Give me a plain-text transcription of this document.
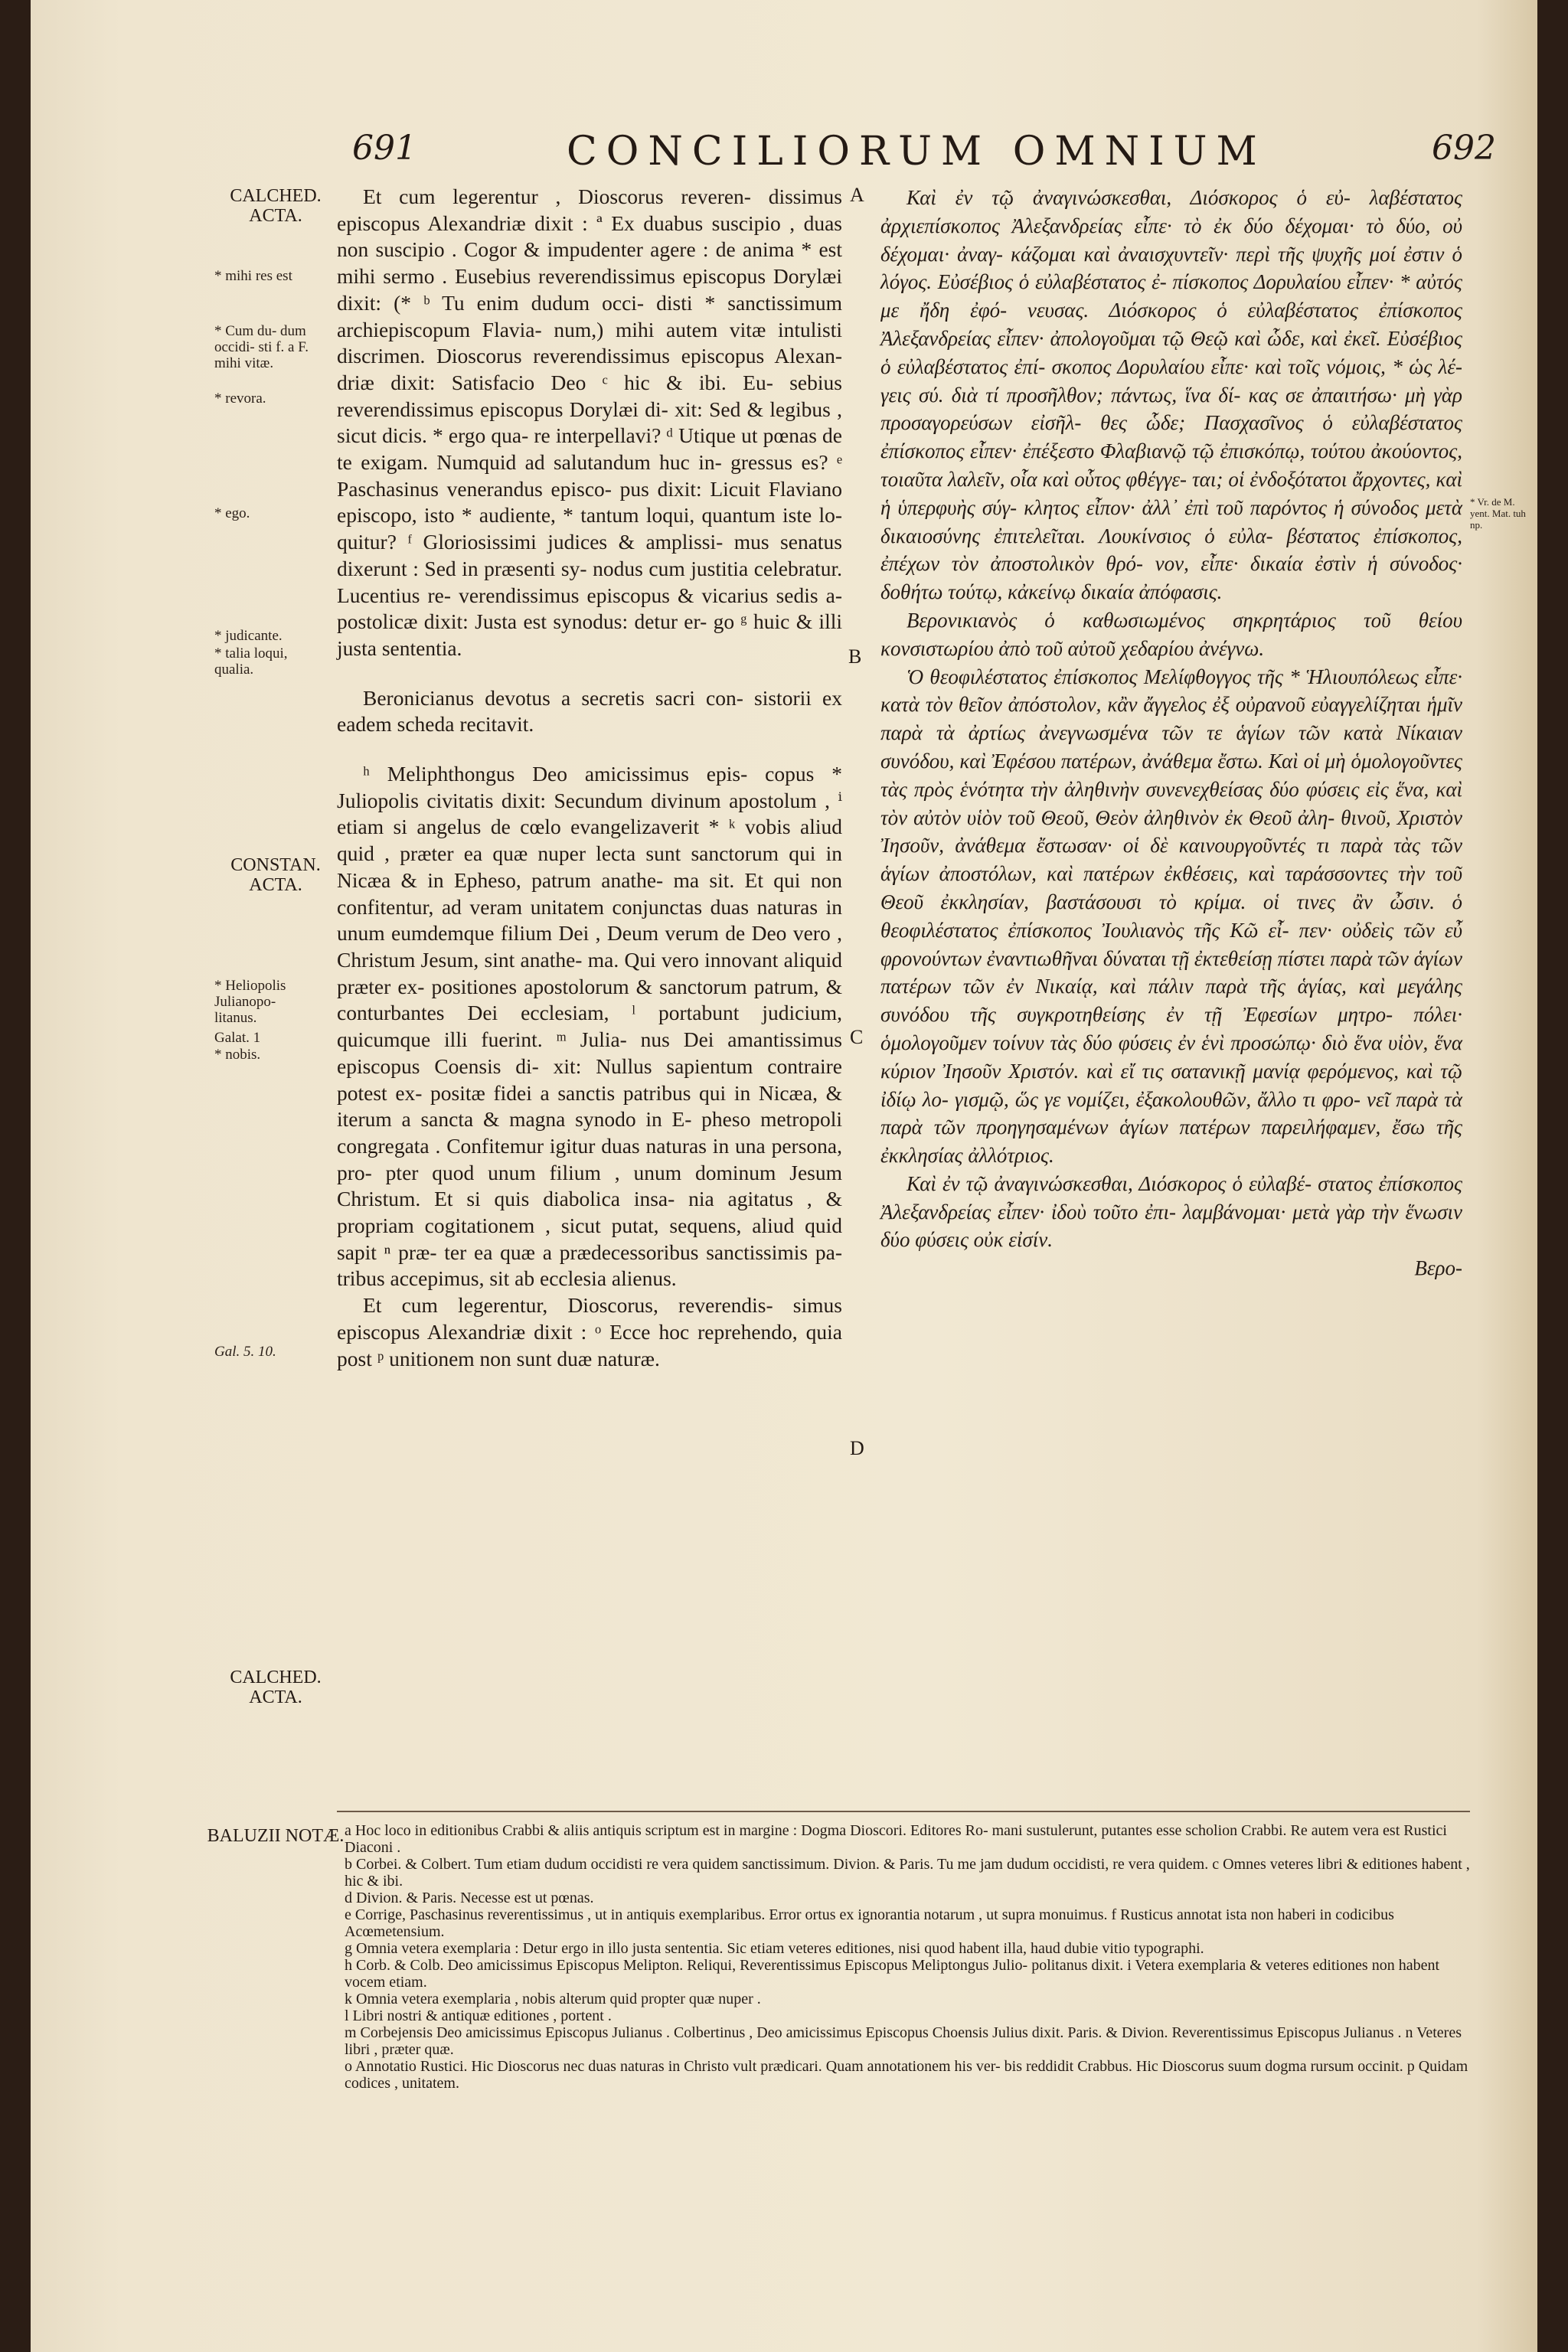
691	CONCILIORUM OMNIUM	692
CALCHED. ACTA.
CONSTAN. ACTA.
CALCHED. ACTA.
BALUZII NOTÆ.
* mihi res est
* Cum du- dum occidi- sti f. a F. mihi vitæ.
* revora.
* ego.
* judicante.
* talia loqui, qualia.
* Heliopolis Julianopo- litanus.
Galat. 1
* nobis.
Gal. 5. 10.
* Vr. de M. yent. Mat. tuh np.
A
B
C
D

Et cum legerentur , Dioscorus reveren- dissimus episcopus Alexandriæ dixit : ª Ex duabus suscipio , duas non suscipio . Cogor & impudenter agere : de anima * est mihi sermo . Eusebius reverendissimus episcopus Dorylæi dixit: (* ᵇ Tu enim dudum occi- disti * sanctissimum archiepiscopum Flavia- num,) mihi autem vitæ intulisti discrimen. Dioscorus reverendissimus episcopus Alexan- driæ dixit: Satisfacio Deo ᶜ hic & ibi. Eu- sebius reverendissimus episcopus Dorylæi di- xit: Sed & legibus , sicut dicis. * ergo qua- re interpellavi? ᵈ Utique ut pœnas de te exigam. Numquid ad salutandum huc in- gressus es? ᵉ Paschasinus venerandus episco- pus dixit: Licuit Flaviano episcopo, isto * audiente, * tantum loqui, quantum iste lo- quitur? ᶠ Gloriosissimi judices & amplissi- mus senatus dixerunt : Sed in præsenti sy- nodus cum justitia celebratur. Lucentius re- verendissimus episcopus & vicarius sedis a- postolicæ dixit: Justa est synodus: detur er- go ᵍ huic & illi justa sententia.

Beronicianus devotus a secretis sacri con- sistorii ex eadem scheda recitavit.

ʰ Meliphthongus Deo amicissimus epis- copus * Juliopolis civitatis dixit: Secundum divinum apostolum , ⁱ etiam si angelus de cœlo evangelizaverit * ᵏ vobis aliud quid , præter ea quæ nuper lecta sunt sanctorum qui in Nicæa & in Ephesо, patrum anathe- ma sit. Et qui non confitentur, ad veram unitatem conjunctas duas naturas in unum eumdemque filium Dei , Deum verum de Deo vero , Christum Jesum, sint anathe- ma. Qui vero innovant aliquid præter ex- positiones apostolorum & sanctorum patrum, & conturbantes Dei ecclesiam, ˡ portabunt judicium, quicumque illi fuerint. ᵐ Julia- nus Dei amantissimus episcopus Coensis di- xit: Nullus sapientum contraire potest ex- positæ fidei a sanctis patribus qui in Nicæa, & iterum a sancta & magna synodo in E- pheso metropoli congregata . Confitemur igitur duas naturas in una persona, pro- pter quod unum filium , unum dominum Jesum Christum. Et si quis diabolica insa- nia agitatus , & propriam cogitationem , sicut putat, sequens, aliud quid sapit ⁿ præ- ter ea quæ a prædecessoribus sanctissimis pa- tribus accepimus, sit ab ecclesia alienus.

Et cum legerentur, Dioscorus, reverendis- simus episcopus Alexandriæ dixit : ᵒ Ecce hoc reprehendo, quia post ᵖ unitionem non sunt duæ naturæ.

Καὶ ἐν τῷ ἀναγινώσκεσθαι, Διόσκορος ὁ εὐ- λαβέστατος ἀρχιεπίσκοπος Ἀλεξανδρείας εἶπε· τὸ ἐκ δύο δέχομαι· τὸ δύο, οὐ δέχομαι· ἀναγ- κάζομαι καὶ ἀναισχυντεῖν· περὶ τῆς ψυχῆς μοί ἐστιν ὁ λόγος. Εὐσέβιος ὁ εὐλαβέστατος ἐ- πίσκοπος Δορυλαίου εἶπεν· * αὐτός με ἤδη ἐφό- νευσας. Διόσκορος ὁ εὐλαβέστατος ἐπίσκοπος Ἀλεξανδρείας εἶπεν· ἀπολογοῦμαι τῷ Θεῷ καὶ ὧδε, καὶ ἐκεῖ. Εὐσέβιος ὁ εὐλαβέστατος ἐπί- σκοπος Δορυλαίου εἶπε· καὶ τοῖς νόμοις, * ὡς λέ- γεις σύ. διὰ τί προσῆλθον; πάντως, ἵνα δί- κας σε ἀπαιτήσω· μὴ γὰρ προσαγορεύσων εἰσῆλ- θες ὧδε; Πασχασῖνος ὁ εὐλαβέστατος ἐπίσκοπος εἶπεν· ἐπέξεστο Φλαβιανῷ τῷ ἐπισκόπῳ, τούτου ἀκούοντος, τοιαῦτα λαλεῖν, οἷα καὶ οὗτος φθέγγε- ται; οἱ ἐνδοξότατοι ἄρχοντες, καὶ ἡ ὑπερφυὴς σύγ- κλητος εἶπον· ἀλλ᾽ ἐπὶ τοῦ παρόντος ἡ σύνοδος μετὰ δικαιοσύνης ἐπιτελεῖται. Λουκίνσιος ὁ εὐλα- βέστατος ἐπίσκοπος, ἐπέχων τὸν ἀποστολικὸν θρό- νον, εἶπε· δικαία ἐστὶν ἡ σύνοδος· δοθήτω τούτῳ, κἀκείνῳ δικαία ἀπόφασις.

Βερονικιανὸς ὁ καθωσιωμένος σηκρητάριος τοῦ θείου κονσιστωρίου ἀπὸ τοῦ αὐτοῦ χεδαρίου ἀνέγνω.

Ὁ θεοφιλέστατος ἐπίσκοπος Μελίφθογγος τῆς * Ἡλιουπόλεως εἶπε· κατὰ τὸν θεῖον ἀπόστολον, κἂν ἄγγελος ἐξ οὐρανοῦ εὐαγγελίζηται ἡμῖν παρὰ τὰ ἀρτίως ἀνεγνωσμένα τῶν τε ἁγίων τῶν κατὰ Νίκαιαν συνόδου, καὶ Ἐφέσου πατέρων, ἀνάθεμα ἔστω. Καὶ οἱ μὴ ὁμολογοῦντες τὰς πρὸς ἑνότητα τὴν ἀληθινὴν συνενεχθείσας δύο φύσεις εἰς ἕνα, καὶ τὸν αὐτὸν υἱὸν τοῦ Θεοῦ, Θεὸν ἀληθινὸν ἐκ Θεοῦ ἀλη- θινοῦ, Χριστὸν Ἰησοῦν, ἀνάθεμα ἔστωσαν· οἱ δὲ καινουργοῦντές τι παρὰ τὰς τῶν ἁγίων ἀποστόλων, καὶ πατέρων ἐκθέσεις, καὶ ταράσσοντες τὴν τοῦ Θεοῦ ἐκκλησίαν, βαστάσουσι τὸ κρίμα. οἱ τινες ἂν ὦσιν. ὁ θεοφιλέστατος ἐπίσκοπος Ἰουλιανὸς τῆς Κῶ εἶ- πεν· οὐδεὶς τῶν εὖ φρονούντων ἐναντιωθῆναι δύναται τῇ ἐκτεθείσῃ πίστει παρὰ τῶν ἁγίων πατέρων τῶν ἐν Νικαίᾳ, καὶ πάλιν παρὰ τῆς ἁγίας, καὶ μεγάλης συνόδου τῆς συγκροτηθείσης ἐν τῇ Ἐφεσίων μητρο- πόλει· ὁμολογοῦμεν τοίνυν τὰς δύο φύσεις ἐν ἑνὶ προσώπῳ· διὸ ἕνα υἱὸν, ἕνα κύριον Ἰησοῦν Χριστόν. καὶ εἴ τις σατανικῇ μανίᾳ φερόμενος, καὶ τῷ ἰδίῳ λο- γισμῷ, ὥς γε νομίζει, ἐξακολουθῶν, ἄλλο τι φρο- νεῖ παρὰ τὰ παρὰ τῶν προηγησαμένων ἁγίων πατέρων παρειλήφαμεν, ἔσω τῆς ἐκκλησίας ἀλλότριος.

Καὶ ἐν τῷ ἀναγινώσκεσθαι, Διόσκορος ὁ εὐλαβέ- στατος ἐπίσκοπος Ἀλεξανδρείας εἶπεν· ἰδοὺ τοῦτο ἐπι- λαμβάνομαι· μετὰ γὰρ τὴν ἕνωσιν δύο φύσεις οὐκ εἰσίν.

Βερο-

a Hoc loco in editionibus Crabbi & aliis antiquis scriptum est in margine : Dogma Dioscori. Editores Ro- mani sustulerunt, putantes esse scholion Crabbi. Re autem vera est Rustici Diaconi .

b Corbei. & Colbert. Tum etiam dudum occidisti re vera quidem sanctissimum. Divion. & Paris. Tu me jam dudum occidisti, re vera quidem. c Omnes veteres libri & editiones habent , hic & ibi.

d Divion. & Paris. Necesse est ut pœnas.

e Corrige, Paschasinus reverentissimus , ut in antiquis exemplaribus. Error ortus ex ignorantia notarum , ut supra monuimus. f Rusticus annotat ista non haberi in codicibus Acœmetensium.

g Omnia vetera exemplaria : Detur ergo in illo justa sententia. Sic etiam veteres editiones, nisi quod habent illa, haud dubie vitio typographi.

h Corb. & Colb. Deo amicissimus Episcopus Melipton. Reliqui, Reverentissimus Episcopus Meliptongus Julio- politanus dixit. i Vetera exemplaria & veteres editiones non habent vocem etiam.

k Omnia vetera exemplaria , nobis alterum quid propter quæ nuper .

l Libri nostri & antiquæ editiones , portent .

m Corbejensis Deo amicissimus Episcopus Julianus . Colbertinus , Deo amicissimus Episcopus Choensis Julius dixit. Paris. & Divion. Reverentissimus Episcopus Julianus . n Veteres libri , præter quæ.

o Annotatio Rustici. Hic Dioscorus nec duas naturas in Christo vult prædicari. Quam annotationem his ver- bis reddidit Crabbus. Hic Dioscorus suum dogma rursum occinit. p Quidam codices , unitatem.
